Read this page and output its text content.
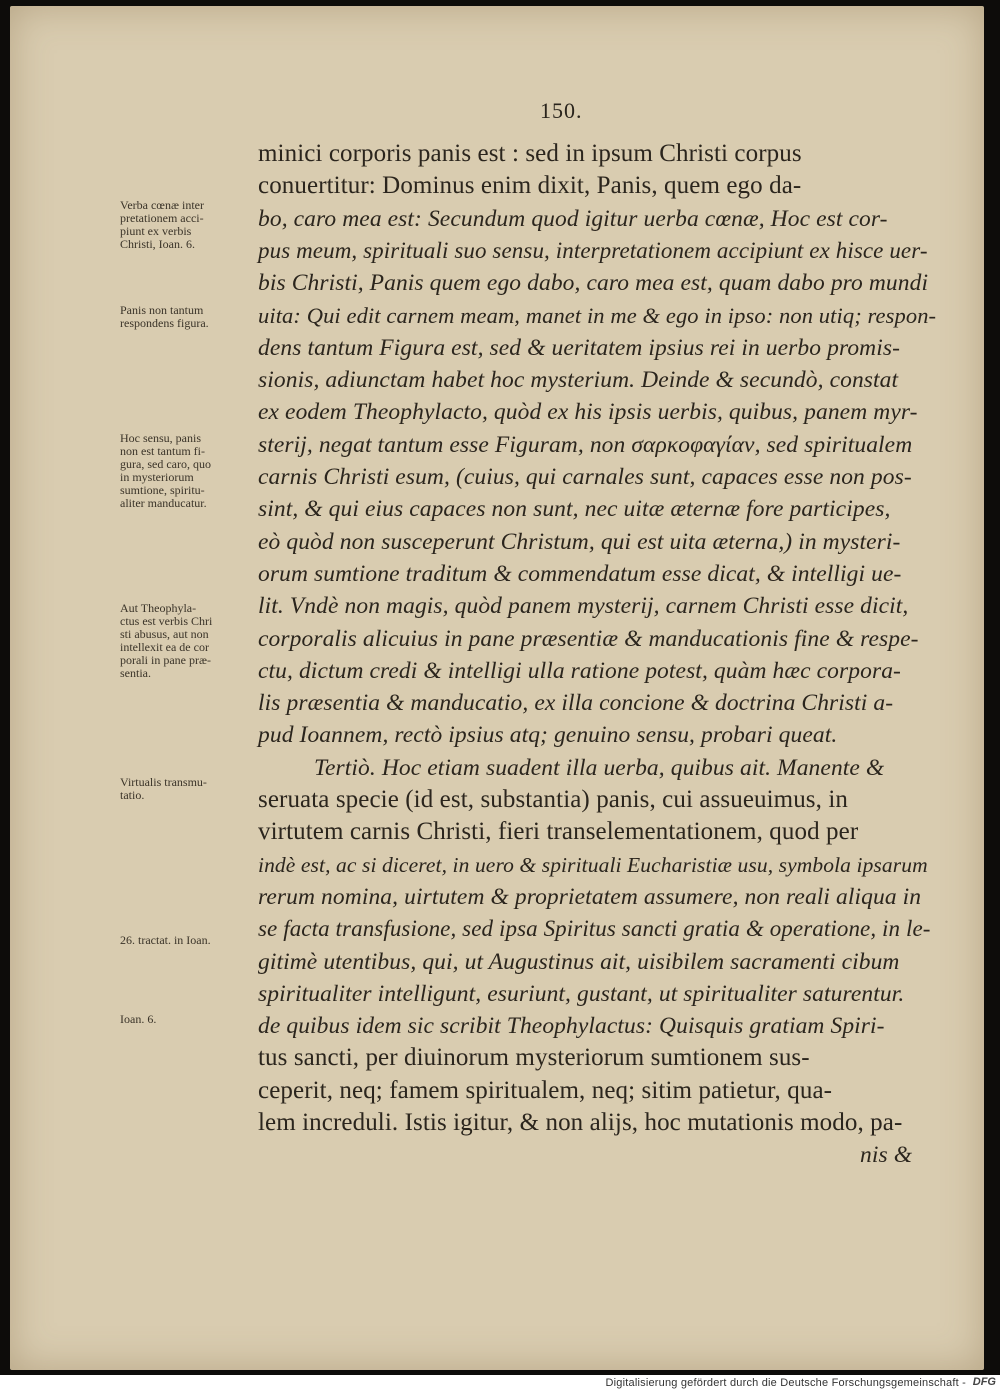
150.
minici corporis panis est : sed in ipsum Christi corpus
conuertitur: Dominus enim dixit, Panis, quem ego da-
bo, caro mea est: Secundum quod igitur uerba cœnæ, Hoc est cor-
pus meum, spirituali suo sensu, interpretationem accipiunt ex hisce uer-
bis Christi, Panis quem ego dabo, caro mea est, quam dabo pro mundi
uita: Qui edit carnem meam, manet in me & ego in ipso: non utiq; respon-
dens tantum Figura est, sed & ueritatem ipsius rei in uerbo promis-
sionis, adiunctam habet hoc mysterium. Deinde & secundò, constat
ex eodem Theophylacto, quòd ex his ipsis uerbis, quibus, panem myr-
sterij, negat tantum esse Figuram, non σαρκοφαγίαν, sed spiritualem
carnis Christi esum, (cuius, qui carnales sunt, capaces esse non pos-
sint, & qui eius capaces non sunt, nec uitæ æternæ fore participes,
eò quòd non susceperunt Christum, qui est uita æterna,) in mysteri-
orum sumtione traditum & commendatum esse dicat, & intelligi ue-
lit. Vndè non magis, quòd panem mysterij, carnem Christi esse dicit,
corporalis alicuius in pane præsentiæ & manducationis fine & respe-
ctu, dictum credi & intelligi ulla ratione potest, quàm hæc corpora-
lis præsentia & manducatio, ex illa concione & doctrina Christi a-
pud Ioannem, rectò ipsius atq; genuino sensu, probari queat.
Tertiò. Hoc etiam suadent illa uerba, quibus ait. Manente &
seruata specie (id est, substantia) panis, cui assueuimus, in
virtutem carnis Christi, fieri transelementationem, quod per
indè est, ac si diceret, in uero & spirituali Eucharistiæ usu, symbola ipsarum
rerum nomina, uirtutem & proprietatem assumere, non reali aliqua in
se facta transfusione, sed ipsa Spiritus sancti gratia & operatione, in le-
gitimè utentibus, qui, ut Augustinus ait, uisibilem sacramenti cibum
spiritualiter intelligunt, esuriunt, gustant, ut spiritualiter saturentur.
de quibus idem sic scribit Theophylactus: Quisquis gratiam Spiri-
tus sancti, per diuinorum mysteriorum sumtionem sus-
ceperit, neq; famem spiritualem, neq; sitim patietur, qua-
lem increduli. Istis igitur, & non alijs, hoc mutationis modo, pa-
nis &
Verba cœnæ inter
pretationem acci-
piunt ex verbis
Christi, Ioan. 6.
Panis non tantum
respondens figura.
Hoc sensu, panis
non est tantum fi-
gura, sed caro, quo
in mysteriorum
sumtione, spiritu-
aliter manducatur.
Aut Theophyla-
ctus est verbis Chri
sti abusus, aut non
intellexit ea de cor
porali in pane præ-
sentia.
Virtualis transmu-
tatio.
26. tractat. in Ioan.
Ioan. 6.
Digitalisierung gefördert durch die Deutsche Forschungsgemeinschaft - DFG
